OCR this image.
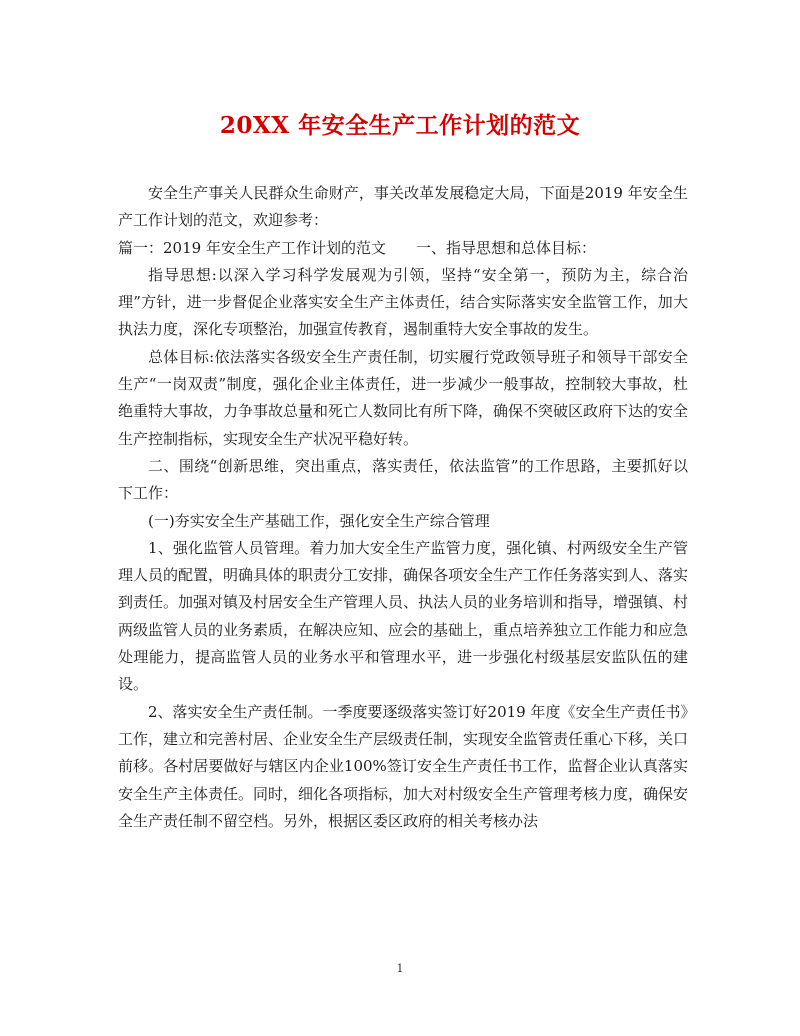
20XX 年安全生产工作计划的范文

安全生产事关人民群众生命财产，事关改革发展稳定大局，下面是2019 年安全生产工作计划的范文，欢迎参考：

篇一：2019 年安全生产工作计划的范文 一、指导思想和总体目标：

指导思想:以深入学习科学发展观为引领，坚持“安全第一，预防为主，综合治理”方针，进一步督促企业落实安全生产主体责任，结合实际落实安全监管工作，加大执法力度，深化专项整治，加强宣传教育，遏制重特大安全事故的发生。

总体目标:依法落实各级安全生产责任制，切实履行党政领导班子和领导干部安全生产“一岗双责”制度，强化企业主体责任，进一步减少一般事故，控制较大事故，杜绝重特大事故，力争事故总量和死亡人数同比有所下降，确保不突破区政府下达的安全生产控制指标，实现安全生产状况平稳好转。

二、围绕“创新思维，突出重点，落实责任，依法监管”的工作思路，主要抓好以下工作：

(一)夯实安全生产基础工作，强化安全生产综合管理

1、强化监管人员管理。着力加大安全生产监管力度，强化镇、村两级安全生产管理人员的配置，明确具体的职责分工安排，确保各项安全生产工作任务落实到人、落实到责任。加强对镇及村居安全生产管理人员、执法人员的业务培训和指导，增强镇、村两级监管人员的业务素质，在解决应知、应会的基础上，重点培养独立工作能力和应急处理能力，提高监管人员的业务水平和管理水平，进一步强化村级基层安监队伍的建设。

2、落实安全生产责任制。一季度要逐级落实签订好2019 年度《安全生产责任书》工作，建立和完善村居、企业安全生产层级责任制，实现安全监管责任重心下移，关口前移。各村居要做好与辖区内企业100%签订安全生产责任书工作，监督企业认真落实安全生产主体责任。同时，细化各项指标，加大对村级安全生产管理考核力度，确保安全生产责任制不留空档。另外，根据区委区政府的相关考核办法

1
